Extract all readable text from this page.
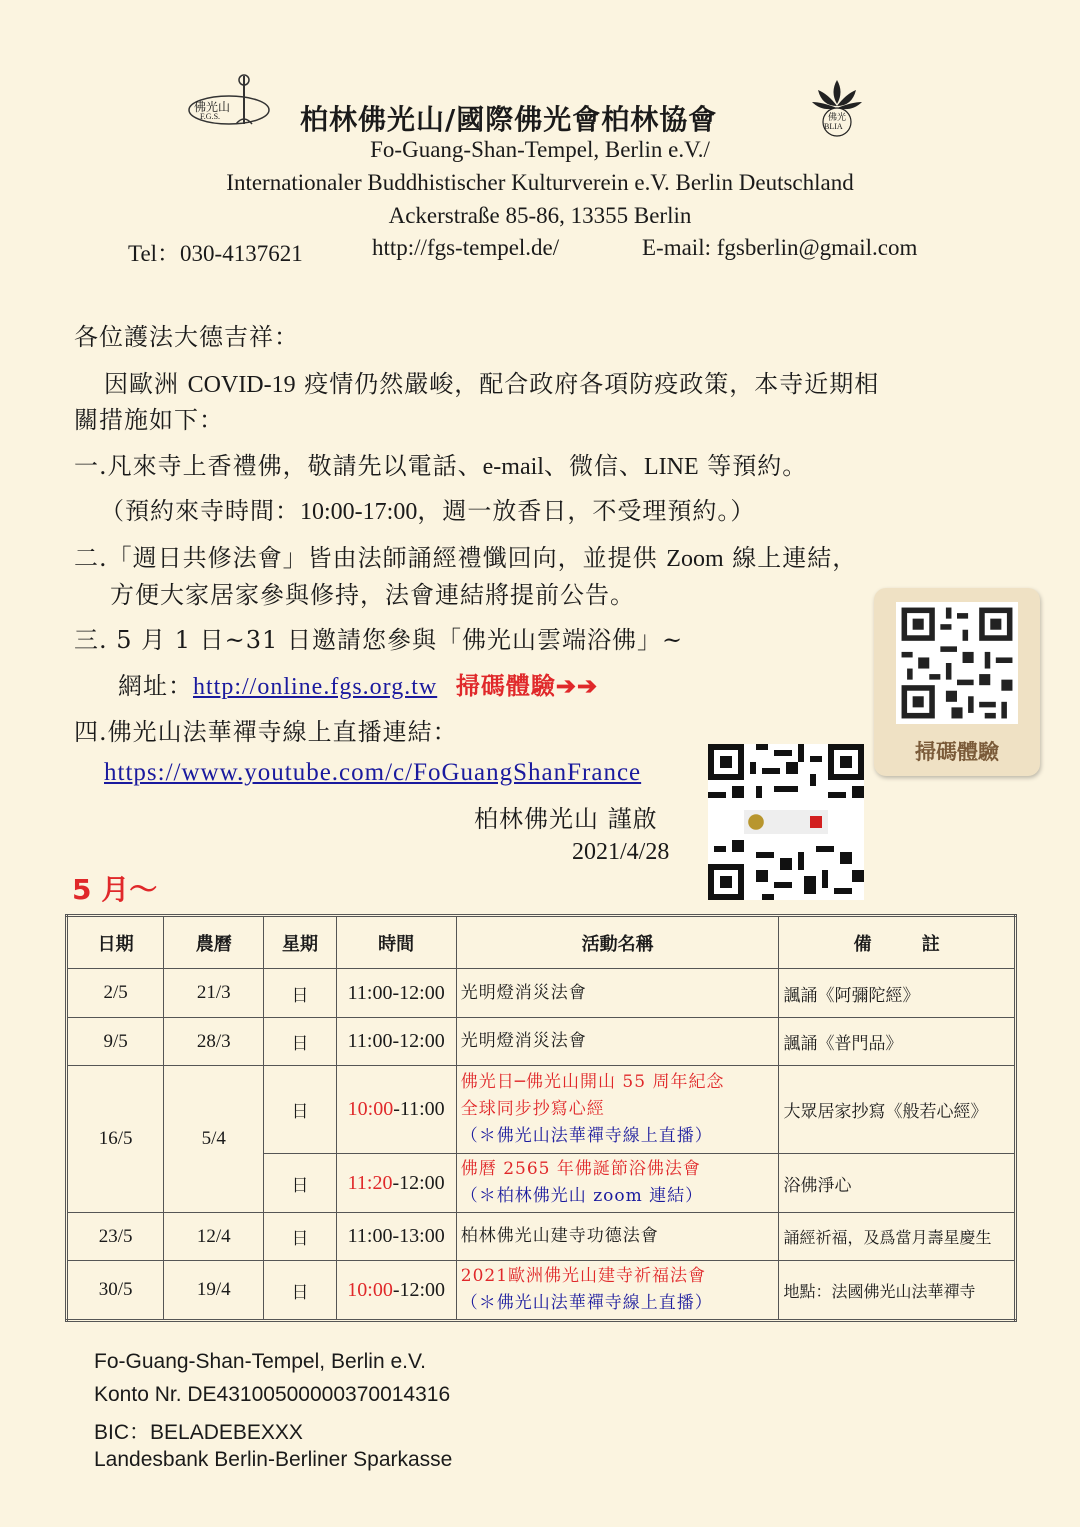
佛光山
F.G.S.	柏林佛光山/國際佛光會柏林協會	佛光
BLIA
Fo-Guang-Shan-Tempel, Berlin e.V./
Internationaler Buddhistischer Kulturverein e.V. Berlin Deutschland
Ackerstraße 85-86, 13355 Berlin
Tel：030-4137621	http://fgs-tempel.de/	E-mail: fgsberlin@gmail.com
各位護法大德吉祥：
因歐洲 COVID-19 疫情仍然嚴峻，配合政府各項防疫政策，本寺近期相
關措施如下：
一.凡來寺上香禮佛，敬請先以電話、e-mail、微信、LINE 等預約。
（預約來寺時間：10:00-17:00，週一放香日，不受理預約。）
二.「週日共修法會」皆由法師誦經禮懺回向，並提供 Zoom 線上連結，
方便大家居家參與修持，法會連結將提前公告。
三. 5 月 1 日~31 日邀請您參與「佛光山雲端浴佛」~
網址：http://online.fgs.org.tw 掃碼體驗➔➔
四.佛光山法華禪寺線上直播連結：
https://www.youtube.com/c/FoGuangShanFrance
柏林佛光山 謹啟
2021/4/28
掃碼體驗
5 月～
日期	農曆	星期	時間	活動名稱	備        註
2/5	21/3	日	11:00-12:00	光明燈消災法會	諷誦《阿彌陀經》
9/5	28/3	日	11:00-12:00	光明燈消災法會	諷誦《普門品》
16/5	5/4	日	10:00-11:00	佛光日─佛光山開山 55 周年紀念
全球同步抄寫心經
（＊佛光山法華禪寺線上直播）	大眾居家抄寫《般若心經》
		日	11:20-12:00	佛曆 2565 年佛誕節浴佛法會
（＊柏林佛光山 zoom 連結）	浴佛淨心
23/5	12/4	日	11:00-13:00	柏林佛光山建寺功德法會	誦經祈福，及爲當月壽星慶生
30/5	19/4	日	10:00-12:00	2021歐洲佛光山建寺祈福法會
（＊佛光山法華禪寺線上直播）	地點：法國佛光山法華禪寺
Fo-Guang-Shan-Tempel, Berlin e.V.
Konto Nr. DE43100500000370014316
BIC：BELADEBEXXX
Landesbank Berlin-Berliner Sparkasse
